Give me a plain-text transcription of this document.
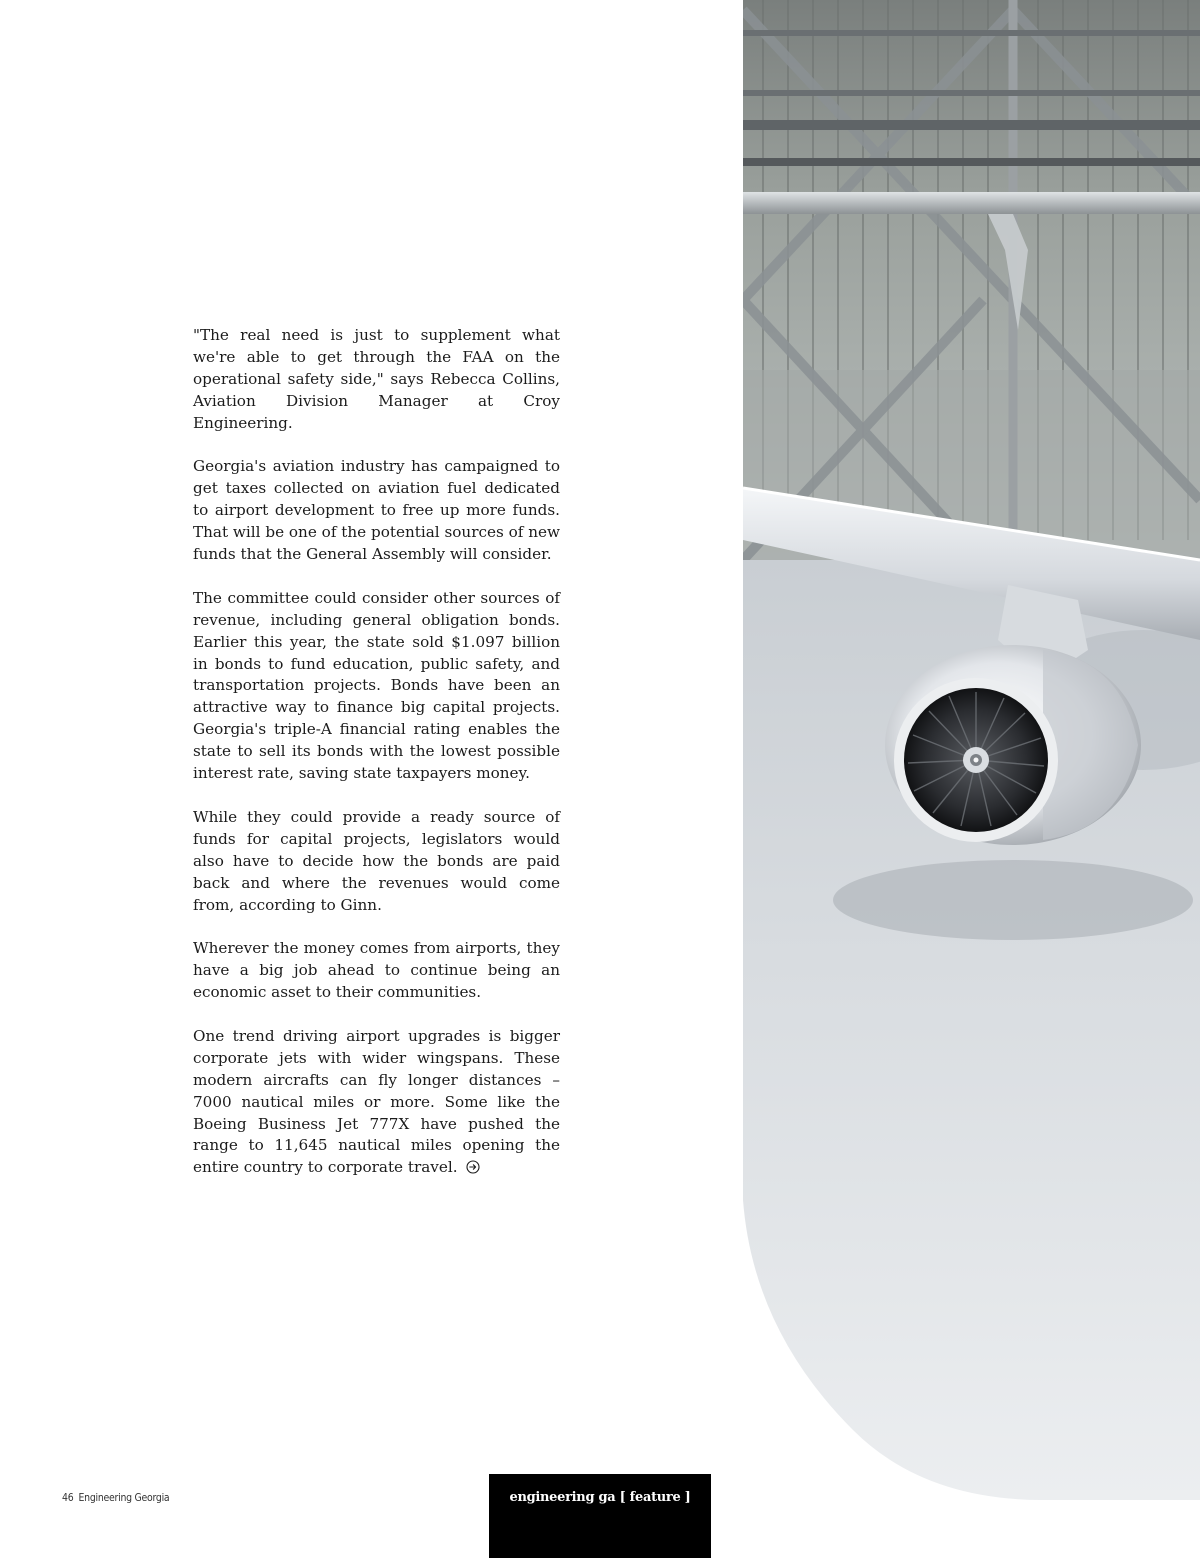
"The real need is just to supplement what we're able to get through the FAA on the operational safety side," says Rebecca Collins, Aviation Division Manager at Croy Engineering.

Georgia's aviation industry has campaigned to get taxes collected on aviation fuel dedicated to airport development to free up more funds. That will be one of the potential sources of new funds that the General Assembly will consider.

The committee could consider other sources of revenue, including general obligation bonds. Earlier this year, the state sold $1.097 billion in bonds to fund education, public safety, and transportation projects. Bonds have been an attractive way to finance big capital projects. Georgia's triple-A financial rating enables the state to sell its bonds with the lowest possible interest rate, saving state taxpayers money.

While they could provide a ready source of funds for capital projects, legislators would also have to decide how the bonds are paid back and where the revenues would come from, according to Ginn.

Wherever the money comes from airports, they have a big job ahead to continue being an economic asset to their communities.

One trend driving airport upgrades is bigger corporate jets with wider wingspans. These modern aircrafts can fly longer distances – 7000 nautical miles or more. Some like the Boeing Business Jet 777X have pushed the range to 11,645 nautical miles opening the entire country to corporate travel.

46 Engineering Georgia	engineering ga [ feature ]
